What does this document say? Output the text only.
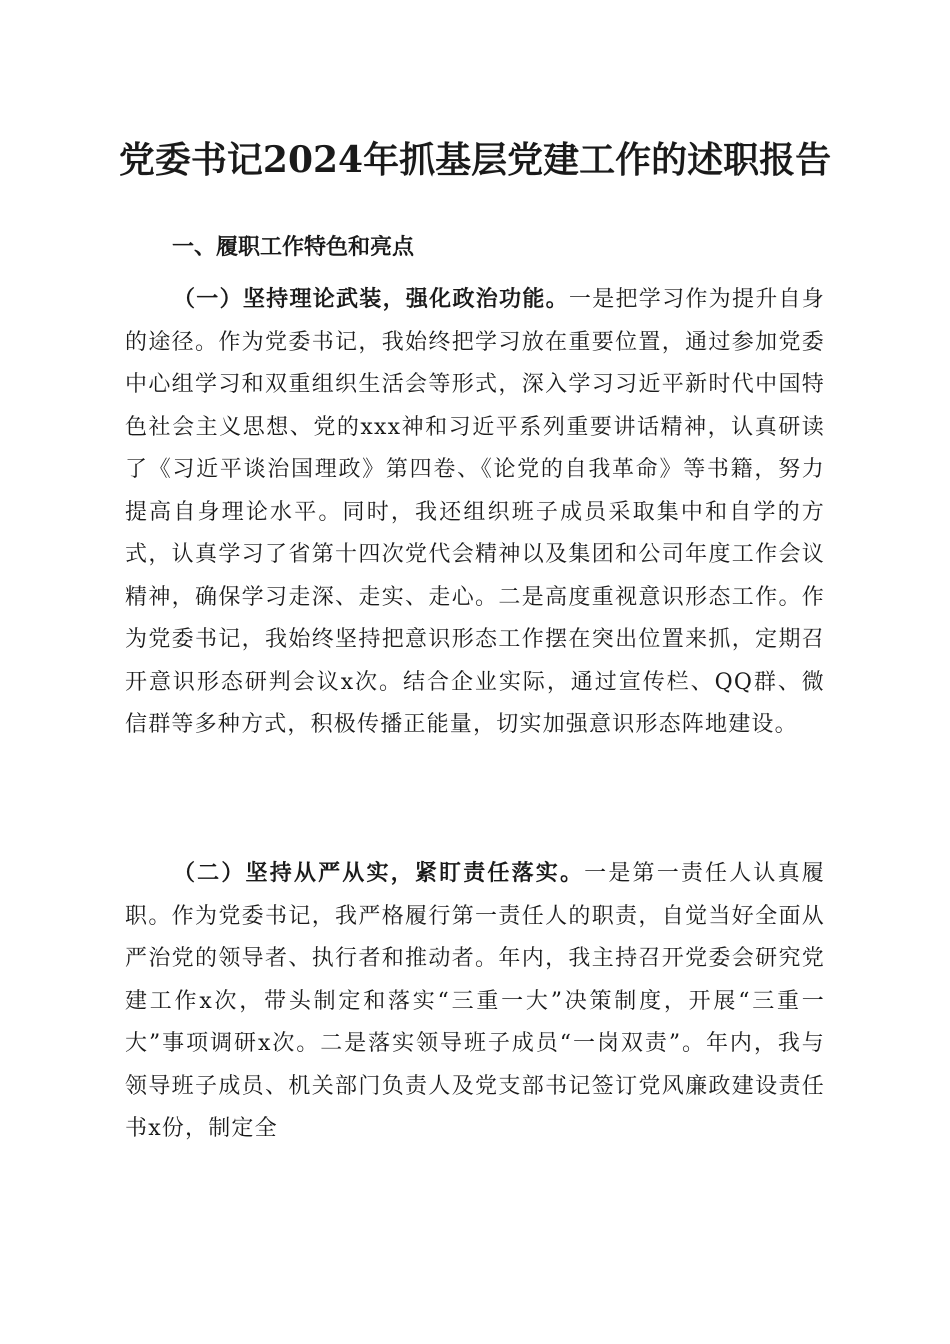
党委书记2024年抓基层党建工作的述职报告
一、履职工作特色和亮点

（一）坚持理论武装，强化政治功能。一是把学习作为提升自身的途径。作为党委书记，我始终把学习放在重要位置，通过参加党委中心组学习和双重组织生活会等形式，深入学习习近平新时代中国特色社会主义思想、党的xxx神和习近平系列重要讲话精神，认真研读了《习近平谈治国理政》第四卷、《论党的自我革命》等书籍，努力提高自身理论水平。同时，我还组织班子成员采取集中和自学的方式，认真学习了省第十四次党代会精神以及集团和公司年度工作会议精神，确保学习走深、走实、走心。二是高度重视意识形态工作。作为党委书记，我始终坚持把意识形态工作摆在突出位置来抓，定期召开意识形态研判会议x次。结合企业实际，通过宣传栏、QQ群、微信群等多种方式，积极传播正能量，切实加强意识形态阵地建设。

（二）坚持从严从实，紧盯责任落实。一是第一责任人认真履职。作为党委书记，我严格履行第一责任人的职责，自觉当好全面从严治党的领导者、执行者和推动者。年内，我主持召开党委会研究党建工作x次，带头制定和落实“三重一大”决策制度，开展“三重一大”事项调研x次。二是落实领导班子成员“一岗双责”。年内，我与领导班子成员、机关部门负责人及党支部书记签订党风廉政建设责任书x份，制定全
